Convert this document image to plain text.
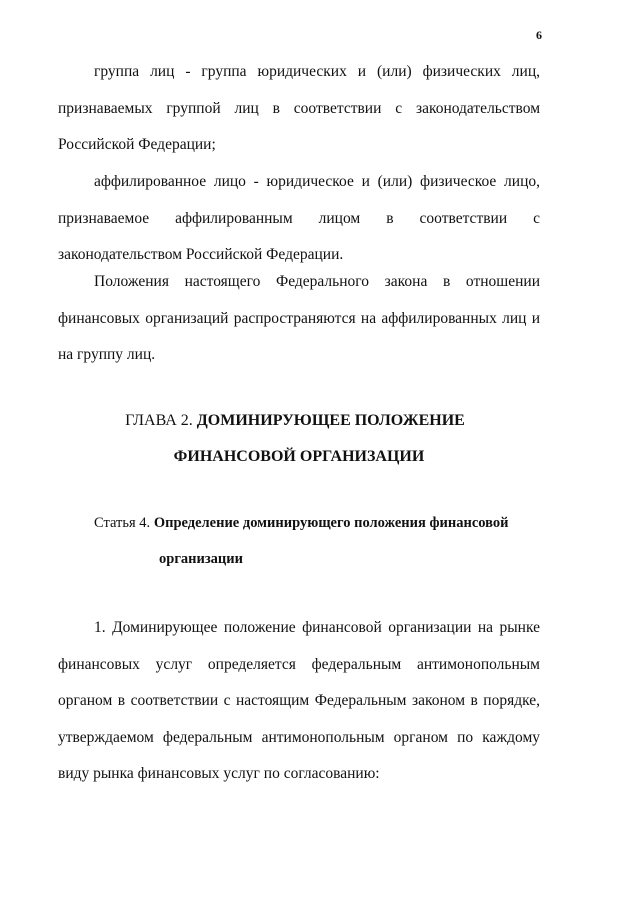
6

группа лиц - группа юридических и (или) физических лиц, признаваемых группой лиц в соответствии с законодательством Российской Федерации;

аффилированное лицо - юридическое и (или) физическое лицо, признаваемое аффилированным лицом в соответствии с законодательством Российской Федерации.

Положения настоящего Федерального закона в отношении финансовых организаций распространяются на аффилированных лиц и на группу лиц.

ГЛАВА 2. ДОМИНИРУЮЩЕЕ ПОЛОЖЕНИЕ
ФИНАНСОВОЙ ОРГАНИЗАЦИИ
Статья 4. Определение доминирующего положения финансовой
организации

1. Доминирующее положение финансовой организации на рынке финансовых услуг определяется федеральным антимонопольным органом в соответствии с настоящим Федеральным законом в порядке, утверждаемом федеральным антимонопольным органом по каждому виду рынка финансовых услуг по согласованию:
